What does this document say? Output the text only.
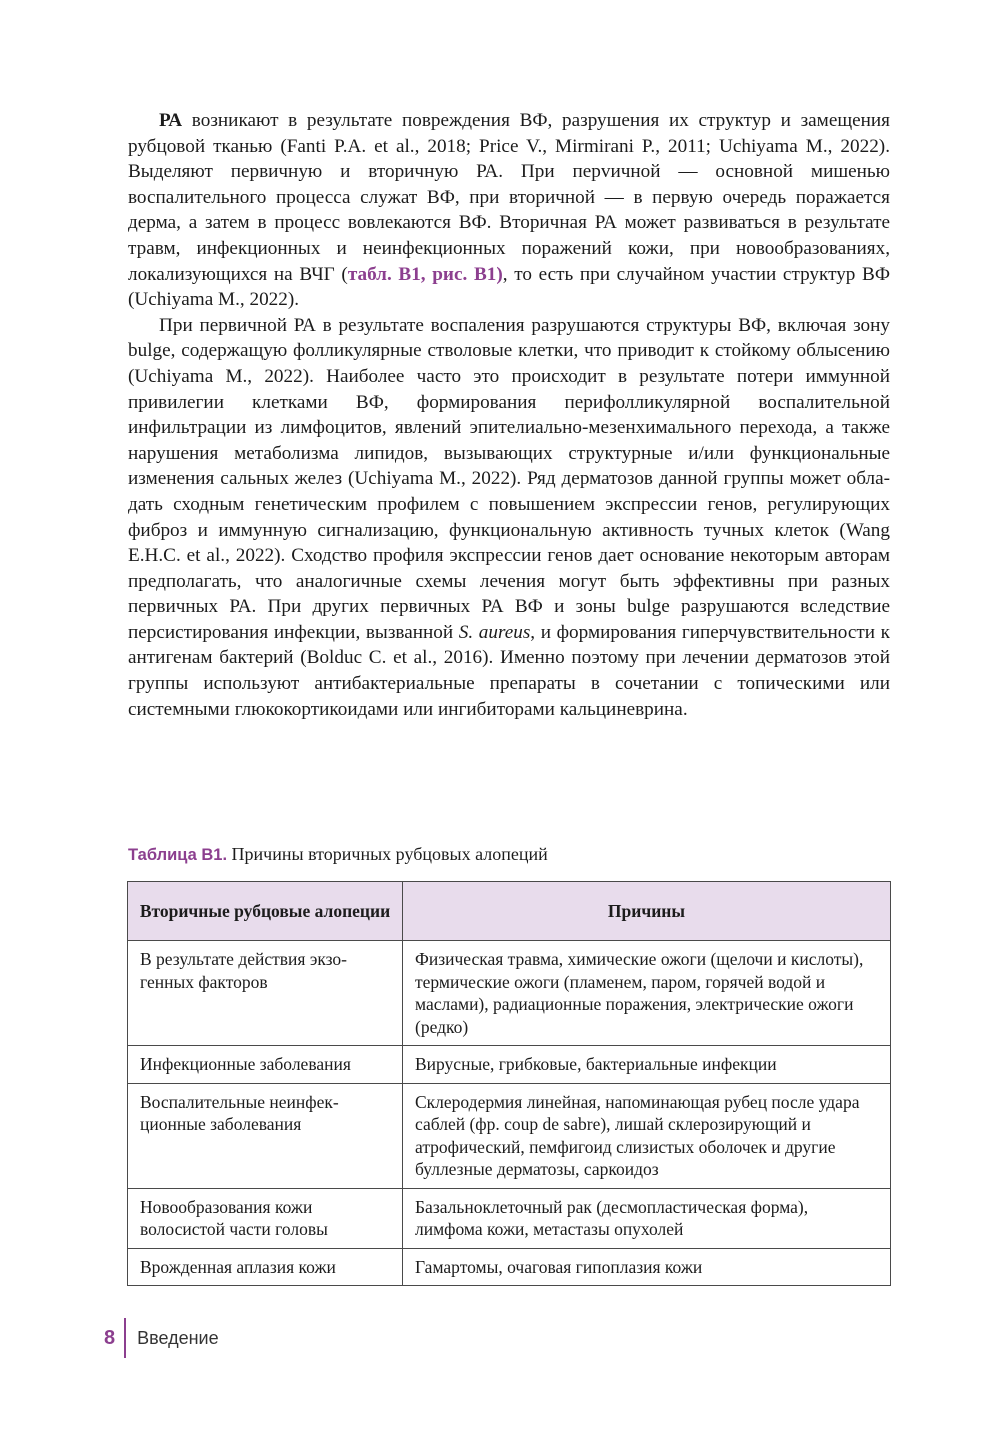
РА возникают в результате повреждения ВФ, разрушения их структур и замещения рубцовой тканью (Fanti P.A. et al., 2018; Price V., Mirmirani P., 2011; Uchiyama M., 2022). Выделяют первичную и вторичную РА. При перvичной — основной мишенью воспалительного процесса служат ВФ, при вторичной — в первую очередь поражается дерма, а затем в процесс вовлекаются ВФ. Вторичная РА может развиваться в результате травм, инфекционных и неинфекционных поражений кожи, при новообразованиях, локализующихся на ВЧГ (табл. В1, рис. В1), то есть при случайном участии структур ВФ (Uchiyama M., 2022).

При первичной РА в результате воспаления разрушаются структуры ВФ, включая зону bulge, содержащую фолликулярные стволовые клетки, что приводит к стойкому облысению (Uchiyama M., 2022). Наиболее часто это происходит в результате потери иммунной привилегии клетками ВФ, формирования перифолликулярной воспалительной инфильтрации из лимфоцитов, явлений эпителиально-мезенхимального перехода, а также нарушения метаболизма липидов, вызывающих структурные и/или функциональные изменения сальных желез (Uchiyama M., 2022). Ряд дерматозов данной группы может обладать сходным генетическим профилем с повышением экспрессии генов, регулирующих фиброз и иммунную сигнализацию, функциональную активность тучных клеток (Wang E.H.C. et al., 2022). Сходство профиля экспрессии генов дает основание некоторым авторам предполагать, что аналогичные схемы лечения могут быть эффективны при разных первичных РА. При других первичных РА ВФ и зоны bulge разрушаются вследствие персистирования инфекции, вызванной S. aureus, и формирования гиперчувствительности к антигенам бактерий (Bolduc C. et al., 2016). Именно поэтому при лечении дерматозов этой группы используют антибактериальные препараты в сочетании с топическими или системными глюкокортикоидами или ингибиторами кальциневрина.

Таблица В1. Причины вторичных рубцовых алопеций
Вторичные рубцовые алопеции	Причины
В результате действия экзогенных факторов	Физическая травма, химические ожоги (щелочи и кислоты), термические ожоги (пламенем, паром, горячей водой и маслами), радиационные поражения, электрические ожоги (редко)
Инфекционные заболевания	Вирусные, грибковые, бактериальные инфекции
Воспалительные неинфекционные заболевания	Склеродермия линейная, напоминающая рубец после удара саблей (фр. coup de sabre), лишай склерозирующий и атрофический, пемфигоид слизистых оболочек и другие буллезные дерматозы, саркоидоз
Новообразования кожи волосистой части головы	Базальноклеточный рак (десмопластическая форма), лимфома кожи, метастазы опухолей
Врожденная аплазия кожи	Гамартомы, очаговая гипоплазия кожи
8 Введение
